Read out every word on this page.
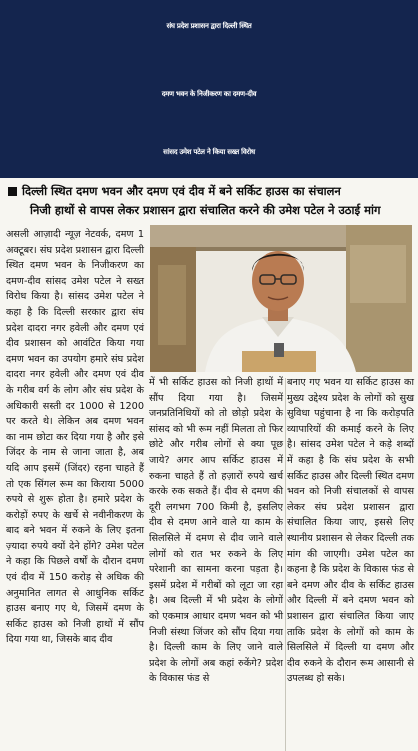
संघ प्रदेश प्रशासन द्वारा दिल्ली स्थित
दमण भवन के निजीकरण का दमण-दीव
सांसद उमेश पटेल ने किया सख्त विरोध
दिल्ली स्थित दमण भवन और दमण एवं दीव में बने सर्किट हाउस का संचालन
निजी हाथों से वापस लेकर प्रशासन द्वारा संचालित करने की उमेश पटेल ने उठाई मांग

असली आज़ादी न्यूज़ नेटवर्क, दमण 1 अक्टूबर। संघ प्रदेश प्रशासन द्वारा दिल्ली स्थित दमण भवन के निजीकरण का दमण-दीव सांसद उमेश पटेल ने सख्त विरोध किया है। सांसद उमेश पटेल ने कहा है कि दिल्ली सरकार द्वारा संघ प्रदेश दादरा नगर हवेली और दमण एवं दीव प्रशासन को आवंटित किया गया दमण भवन का उपयोग हमारे संघ प्रदेश दादरा नगर हवेली और दमण एवं दीव के गरीब वर्ग के लोग और संघ प्रदेश के अधिकारी सस्ती दर 1000 से 1200 पर करते थे। लेकिन अब दमण भवन का नाम छोटा कर दिया गया है और इसे जिंदर के नाम से जाना जाता है, अब यदि आप इसमें (जिंदर) रहना चाहते हैं तो एक सिंगल रूम का किराया 5000 रुपये से शुरू होता है। हमारे प्रदेश के करोड़ों रुपए के खर्चे से नवीनीकरण के बाद बने भवन में रुकने के लिए इतना ज़्यादा रुपये क्यों देने होंगे? उमेश पटेल ने कहा कि पिछले वर्षों के दौरान दमण एवं दीव में 150 करोड़ से अधिक की अनुमानित लागत से आधुनिक सर्किट हाउस बनाए गए थे, जिसमें दमण के सर्किट हाउस को निजी हाथों में सौंप दिया गया था, जिसके बाद दीव

में भी सर्किट हाउस को निजी हाथों में सौंप दिया गया है। जिसमें जनप्रतिनिधियों को तो छोड़ो प्रदेश के सांसद को भी रूम नहीं मिलता तो फिर छोटे और गरीब लोगों से क्या पूछ जाये? अगर आप सर्किट हाउस में रुकना चाहते हैं तो हज़ारों रुपये खर्च करके रुक सकते हैं। दीव से दमण की दूरी लगभग 700 किमी है, इसलिए दीव से दमण आने वाले या काम के सिलसिले में दमण से दीव जाने वाले लोगों को रात भर रुकने के लिए परेशानी का सामना करना पड़ता है। इसमें प्रदेश में गरीबों को लूटा जा रहा है। अब दिल्ली में भी प्रदेश के लोगों को एकमात्र आधार दमण भवन को भी निजी संस्था जिंजर को सौंप दिया गया है। दिल्ली काम के लिए जाने वाले प्रदेश के लोगों अब कहां रुकेंगे? प्रदेश के विकास फंड से

बनाए गए भवन या सर्किट हाउस का मुख्य उद्देश्य प्रदेश के लोगों को सुख सुविधा पहुंचाना है ना कि करोड़पति व्यापारियों की कमाई करने के लिए है। सांसद उमेश पटेल ने कड़े शब्दों में कहा है कि संघ प्रदेश के सभी सर्किट हाउस और दिल्ली स्थित दमण भवन को निजी संचालकों से वापस लेकर संघ प्रदेश प्रशासन द्वारा संचालित किया जाए, इससे लिए स्थानीय प्रशासन से लेकर दिल्ली तक मांग की जाएगी। उमेश पटेल का कहना है कि प्रदेश के विकास फंड से बने दमण और दीव के सर्किट हाउस और दिल्ली में बने दमण भवन को प्रशासन द्वारा संचालित किया जाए ताकि प्रदेश के लोगों को काम के सिलसिले में दिल्ली या दमण और दीव रुकने के दौरान रूम आसानी से उपलब्ध हो सके।
